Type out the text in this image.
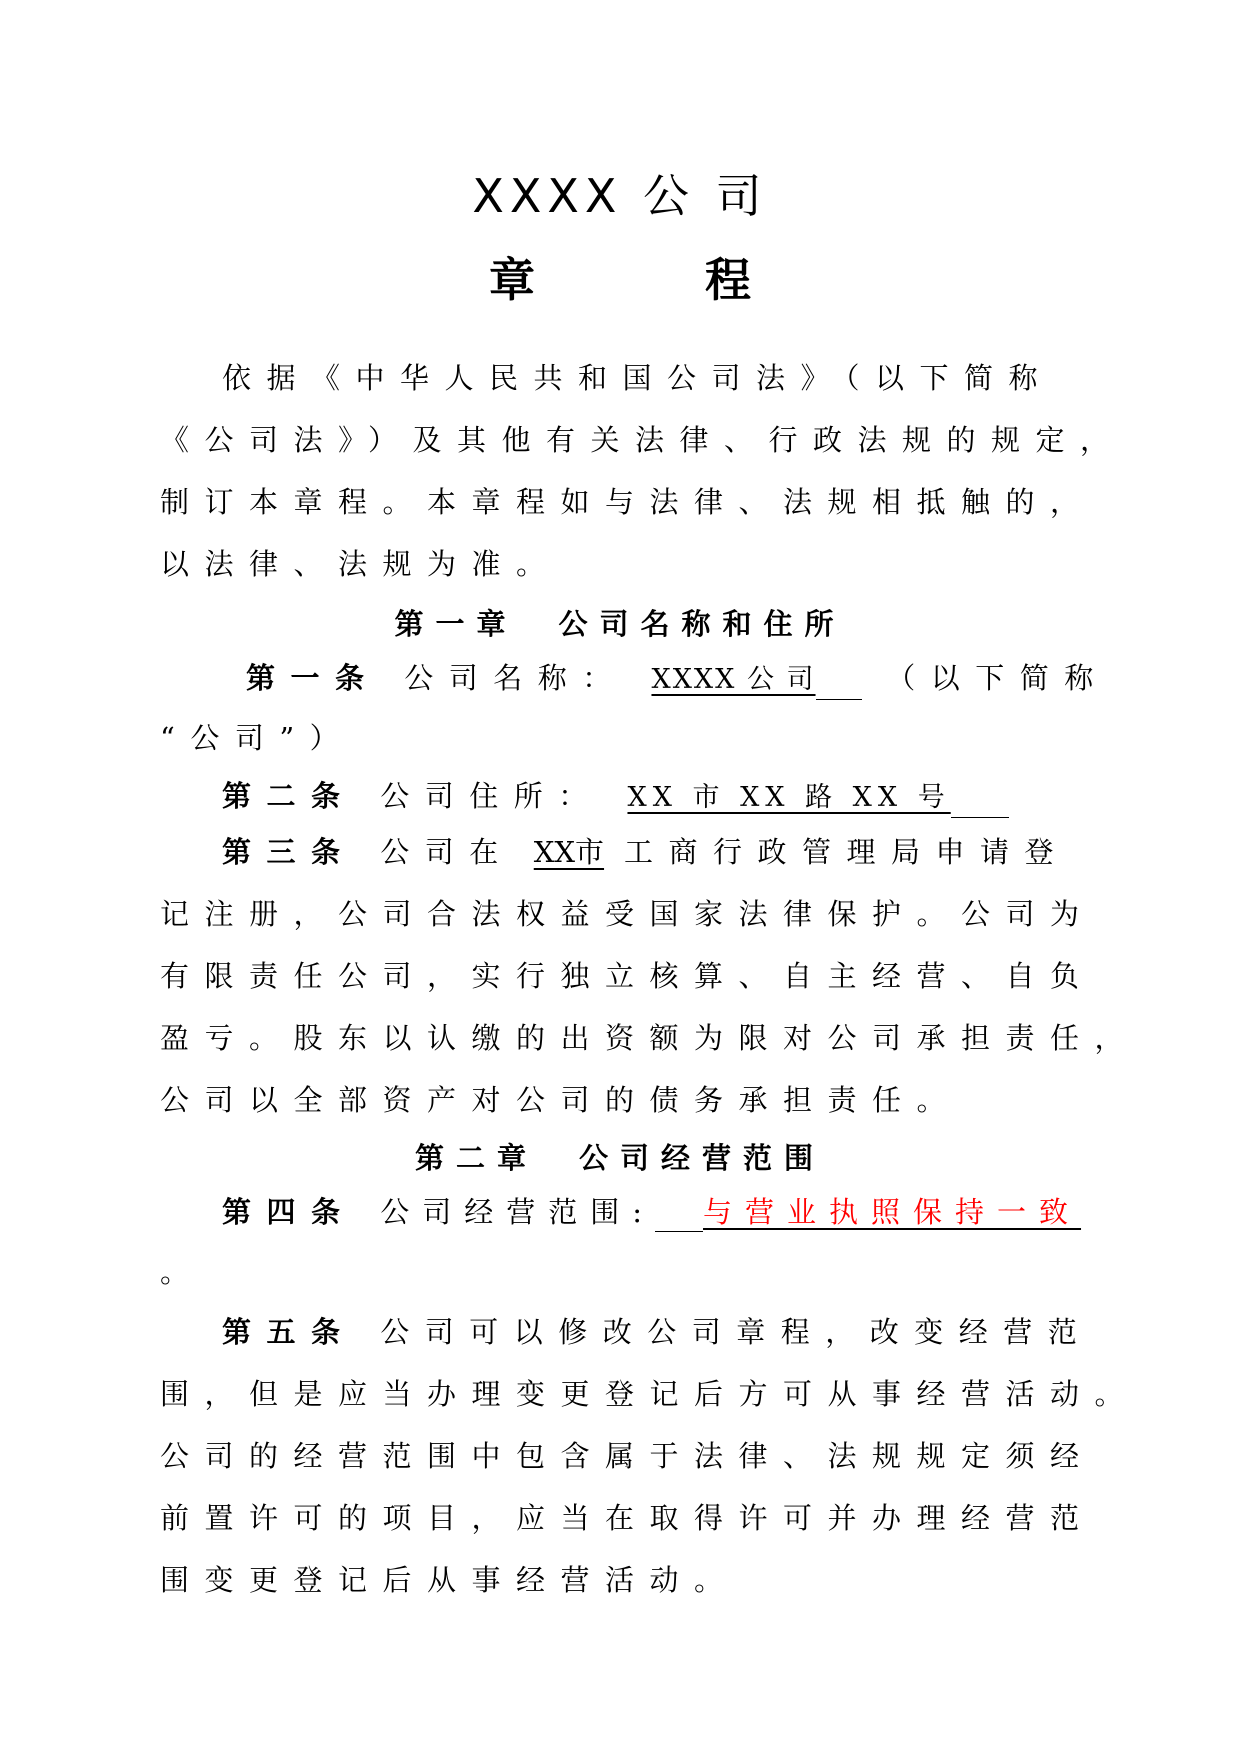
XXXX 公 司
章	程
依据《中华人民共和国公司法》（以下简称
《公司法》）及其他有关法律、行政法规的规定，
制订本章程。本章程如与法律、法规相抵触的，
以法律、法规为准。
第一章　公司名称和住所
第一条 公司名称： XXXX 公 司 （以下简称
“公司”）
第二条 公司住所： XX 市 XX 路 XX 号
第三条 公司在 XX市 工商行政管理局申请登
记注册，公司合法权益受国家法律保护。公司为
有限责任公司，实行独立核算、自主经营、自负
盈亏。股东以认缴的出资额为限对公司承担责任，
公司以全部资产对公司的债务承担责任。
第二章　公司经营范围
第四条 公司经营范围: 与营业执照保持一致
。
第五条 公司可以修改公司章程，改变经营范
围，但是应当办理变更登记后方可从事经营活动。
公司的经营范围中包含属于法律、法规规定须经
前置许可的项目，应当在取得许可并办理经营范
围变更登记后从事经营活动。
